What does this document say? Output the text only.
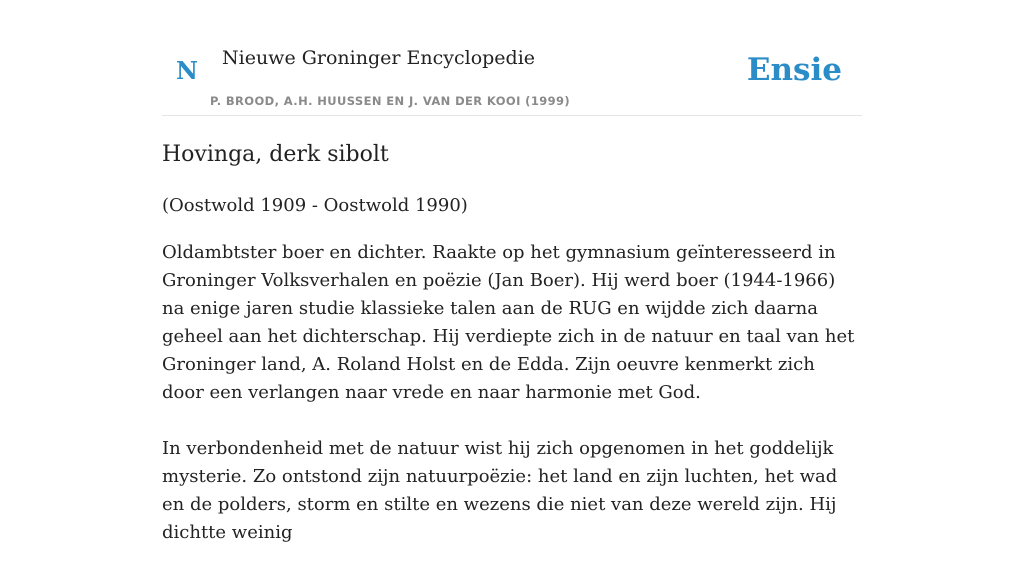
N Nieuwe Groninger Encyclopedie
P. BROOD, A.H. HUUSSEN EN J. VAN DER KOOI (1999)
Ensie
Hovinga, derk sibolt

(Oostwold 1909 - Oostwold 1990)

Oldambtster boer en dichter. Raakte op het gymnasium geïnteresseerd in Groninger Volksverhalen en poëzie (Jan Boer). Hij werd boer (1944-1966) na enige jaren studie klassieke talen aan de RUG en wijdde zich daarna geheel aan het dichterschap. Hij verdiepte zich in de natuur en taal van het Groninger land, A. Roland Holst en de Edda. Zijn oeuvre kenmerkt zich door een verlangen naar vrede en naar harmonie met God.

In verbondenheid met de natuur wist hij zich opgenomen in het goddelijk mysterie. Zo ontstond zijn natuurpoëzie: het land en zijn luchten, het wad en de polders, storm en stilte en wezens die niet van deze wereld zijn. Hij dichtte weinig
